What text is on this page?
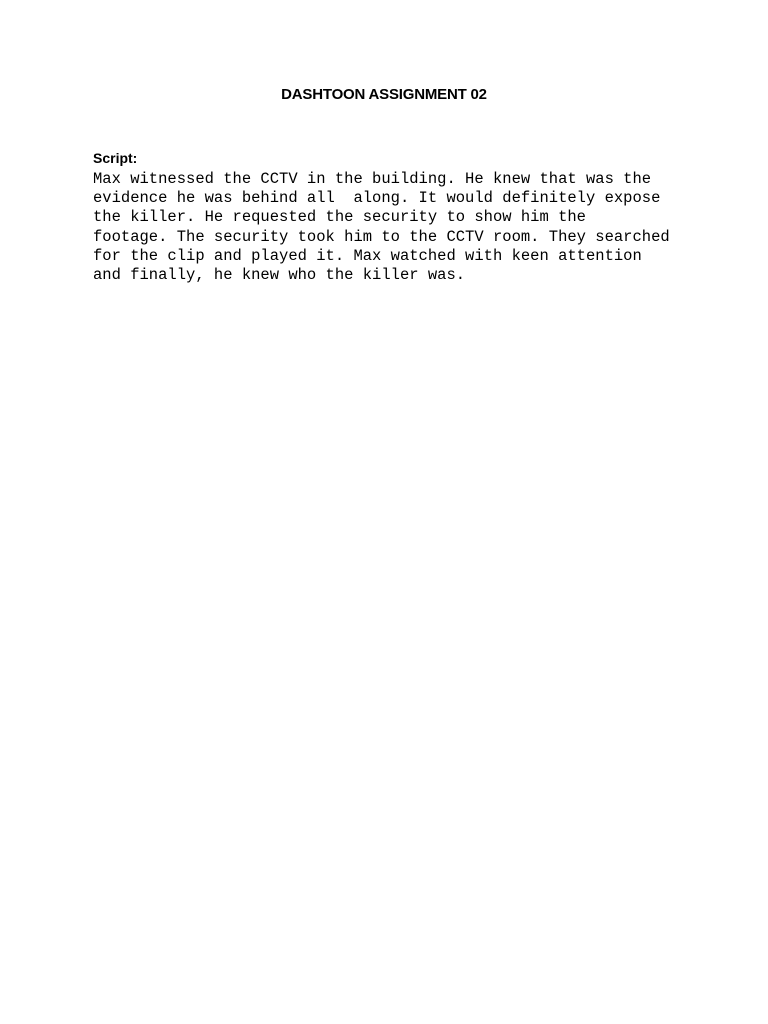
DASHTOON ASSIGNMENT 02
Script:
Max witnessed the CCTV in the building. He knew that was the
evidence he was behind all  along. It would definitely expose
the killer. He requested the security to show him the
footage. The security took him to the CCTV room. They searched
for the clip and played it. Max watched with keen attention
and finally, he knew who the killer was.
